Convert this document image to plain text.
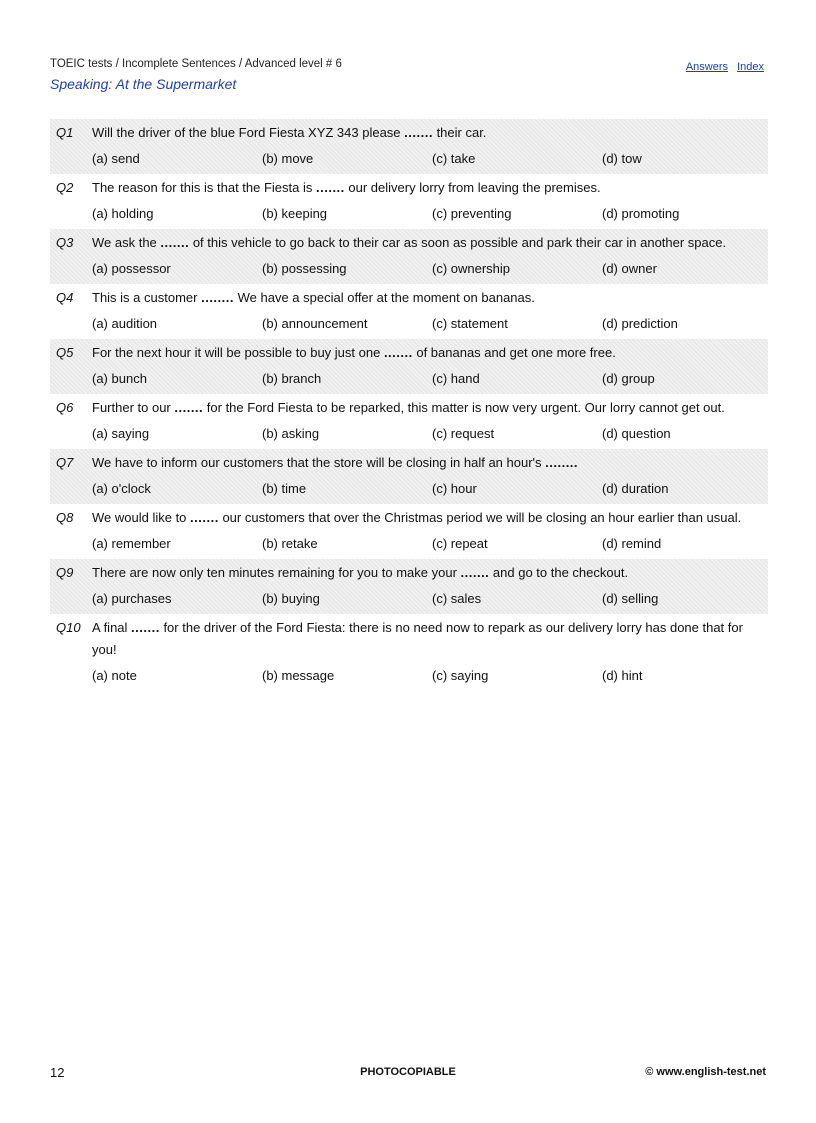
TOEIC tests / Incomplete Sentences / Advanced level # 6	Answers Index
Speaking: At the Supermarket
Q1	Will the driver of the blue Ford Fiesta XYZ 343 please ....... their car.
(a) send	(b) move	(c) take	(d) tow
Q2	The reason for this is that the Fiesta is ....... our delivery lorry from leaving the premises.
(a) holding	(b) keeping	(c) preventing	(d) promoting
Q3	We ask the ....... of this vehicle to go back to their car as soon as possible and park their car in another space.
(a) possessor	(b) possessing	(c) ownership	(d) owner
Q4	This is a customer ........ We have a special offer at the moment on bananas.
(a) audition	(b) announcement	(c) statement	(d) prediction
Q5	For the next hour it will be possible to buy just one ....... of bananas and get one more free.
(a) bunch	(b) branch	(c) hand	(d) group
Q6	Further to our ....... for the Ford Fiesta to be reparked, this matter is now very urgent. Our lorry cannot get out.
(a) saying	(b) asking	(c) request	(d) question
Q7	We have to inform our customers that the store will be closing in half an hour's ........
(a) o'clock	(b) time	(c) hour	(d) duration
Q8	We would like to ....... our customers that over the Christmas period we will be closing an hour earlier than usual.
(a) remember	(b) retake	(c) repeat	(d) remind
Q9	There are now only ten minutes remaining for you to make your ....... and go to the checkout.
(a) purchases	(b) buying	(c) sales	(d) selling
Q10 A final ....... for the driver of the Ford Fiesta: there is no need now to repark as our delivery lorry has done that for you!
(a) note	(b) message	(c) saying	(d) hint
12	PHOTOCOPIABLE	© www.english-test.net
